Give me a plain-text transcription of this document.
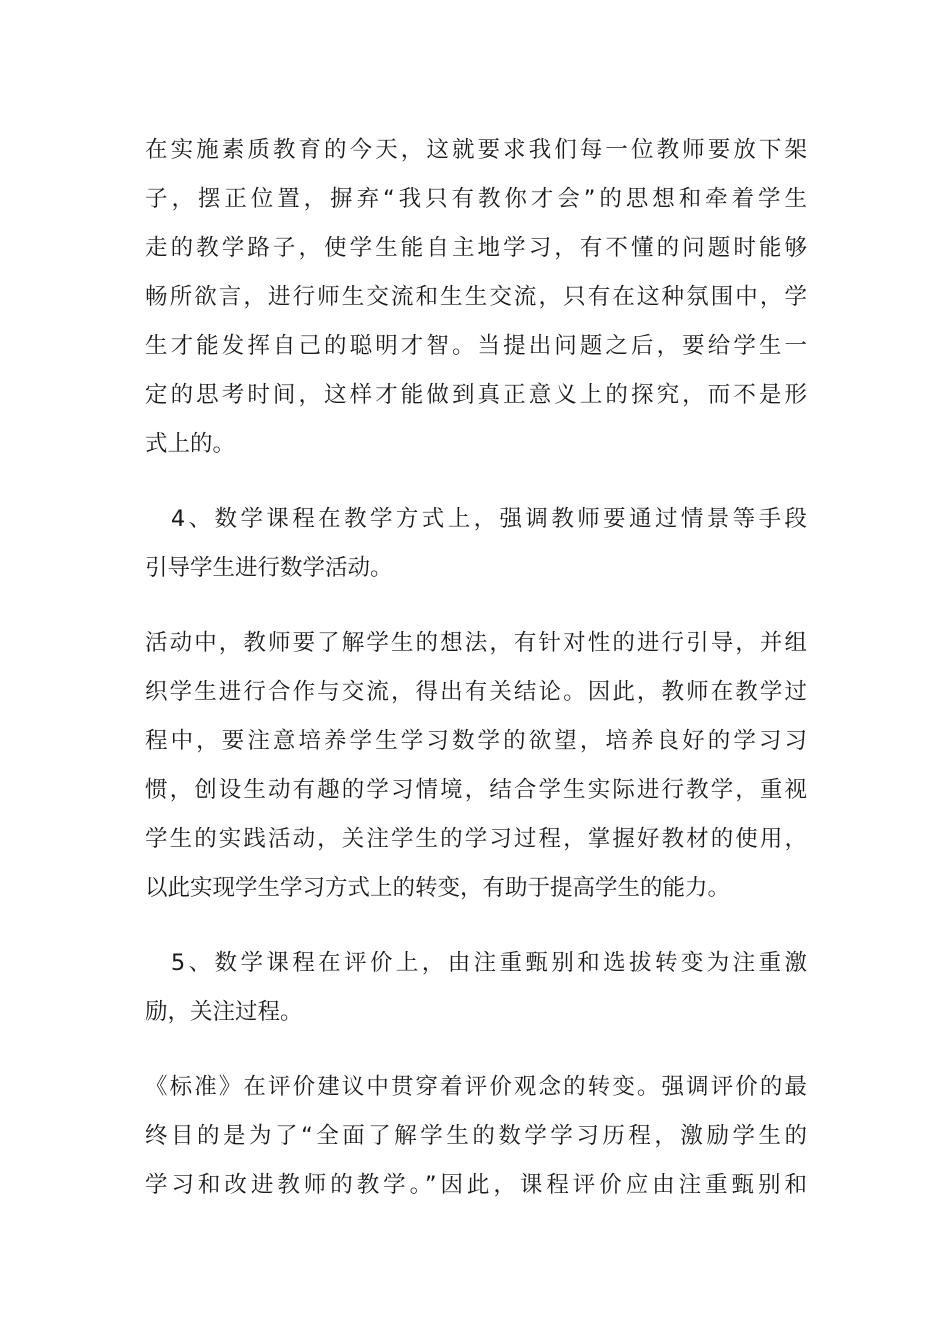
在实施素质教育的今天，这就要求我们每一位教师要放下架
子，摆正位置，摒弃“我只有教你才会”的思想和牵着学生
走的教学路子，使学生能自主地学习，有不懂的问题时能够
畅所欲言，进行师生交流和生生交流，只有在这种氛围中，学
生才能发挥自己的聪明才智。当提出问题之后，要给学生一
定的思考时间，这样才能做到真正意义上的探究，而不是形
式上的。

　4、数学课程在教学方式上，强调教师要通过情景等手段
引导学生进行数学活动。

活动中，教师要了解学生的想法，有针对性的进行引导，并组
织学生进行合作与交流，得出有关结论。因此，教师在教学过
程中，要注意培养学生学习数学的欲望，培养良好的学习习
惯，创设生动有趣的学习情境，结合学生实际进行教学，重视
学生的实践活动，关注学生的学习过程，掌握好教材的使用，
以此实现学生学习方式上的转变，有助于提高学生的能力。

　5、数学课程在评价上，由注重甄别和选拔转变为注重激
励，关注过程。

《标准》在评价建议中贯穿着评价观念的转变。强调评价的最
终目的是为了“全面了解学生的数学学习历程，激励学生的
学习和改进教师的教学。”因此，课程评价应由注重甄别和
